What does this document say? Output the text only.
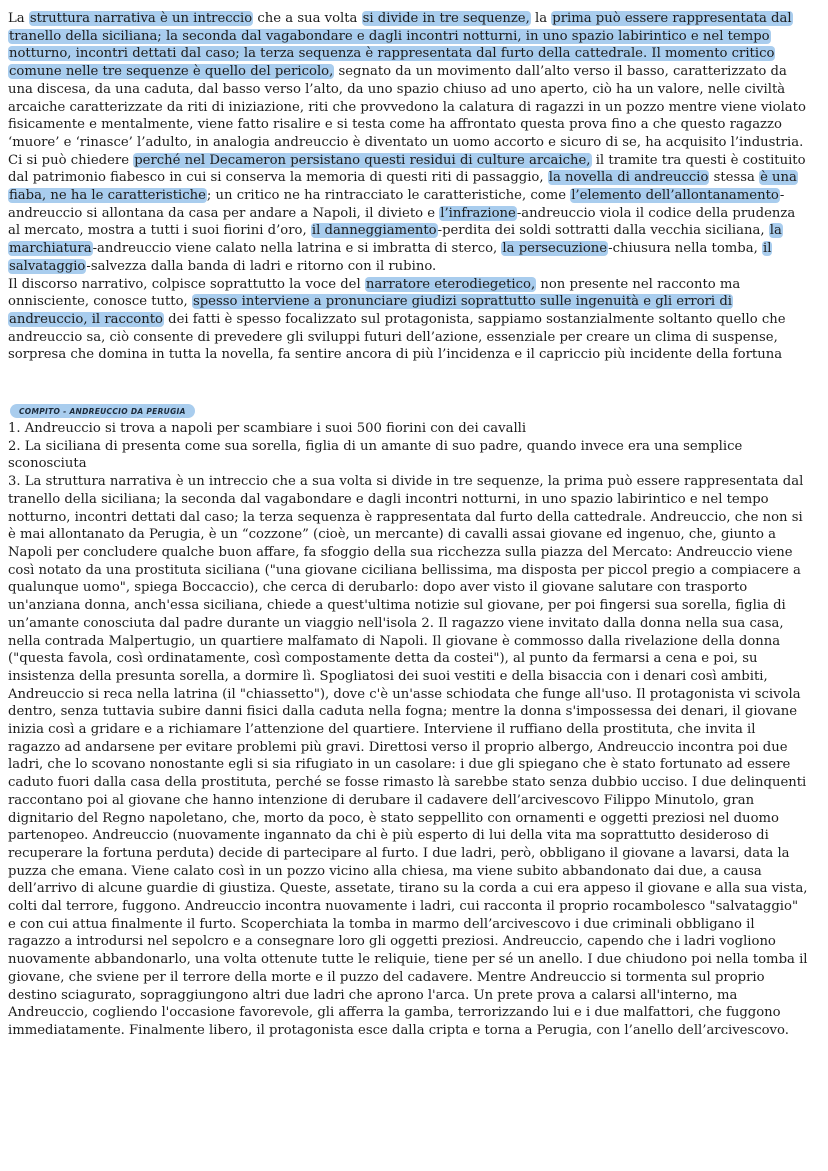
La struttura narrativa è un intreccio che a sua volta si divide in tre sequenze, la prima può essere rappresentata dal tranello della siciliana; la seconda dal vagabondare e dagli incontri notturni, in uno spazio labirintico e nel tempo notturno, incontri dettati dal caso; la terza sequenza è rappresentata dal furto della cattedrale. Il momento critico comune nelle tre sequenze è quello del pericolo, segnato da un movimento dall’alto verso il basso, caratterizzato da una discesa, da una caduta, dal basso verso l’alto, da uno spazio chiuso ad uno aperto, ciò ha un valore, nelle civiltà arcaiche caratterizzate da riti di iniziazione, riti che provvedono la calatura di ragazzi in un pozzo mentre viene violato fisicamente e mentalmente, viene fatto risalire e si testa come ha affrontato questa prova fino a che questo ragazzo ‘muore’ e ‘rinasce’ l’adulto, in analogia andreuccio è diventato un uomo accorto e sicuro di se, ha acquisito l’industria.
Ci si può chiedere perché nel Decameron persistano questi residui di culture arcaiche, il tramite tra questi è costituito dal patrimonio fiabesco in cui si conserva la memoria di questi riti di passaggio, la novella di andreuccio stessa è una fiaba, ne ha le caratteristiche; un critico ne ha rintracciato le caratteristiche, come l’elemento dell’allontanamento-andreuccio si allontana da casa per andare a Napoli, il divieto e l’infrazione-andreuccio viola il codice della prudenza al mercato, mostra a tutti i suoi fiorini d’oro, il danneggiamento-perdita dei soldi sottratti dalla vecchia siciliana, la marchiatura-andreuccio viene calato nella latrina e si imbratta di sterco, la persecuzione-chiusura nella tomba, il salvataggio-salvezza dalla banda di ladri e ritorno con il rubino.
Il discorso narrativo, colpisce soprattutto la voce del narratore eterodiegetico, non presente nel racconto ma onnisciente, conosce tutto, spesso interviene a pronunciare giudizi soprattutto sulle ingenuità e gli errori di andreuccio, il racconto dei fatti è spesso focalizzato sul protagonista, sappiamo sostanzialmente soltanto quello che andreuccio sa, ciò consente di prevedere gli sviluppi futuri dell’azione, essenziale per creare un clima di suspense, sorpresa che domina in tutta la novella, fa sentire ancora di più l’incidenza e il capriccio più incidente della fortuna

COMPITO - ANDREUCCIO DA PERUGIA

1. Andreuccio si trova a napoli per scambiare i suoi 500 fiorini con dei cavalli

2. La siciliana di presenta come sua sorella, figlia di un amante di suo padre, quando invece era una semplice sconosciuta

3. La struttura narrativa è un intreccio che a sua volta si divide in tre sequenze, la prima può essere rappresentata dal tranello della siciliana; la seconda dal vagabondare e dagli incontri notturni, in uno spazio labirintico e nel tempo notturno, incontri dettati dal caso; la terza sequenza è rappresentata dal furto della cattedrale. Andreuccio, che non si è mai allontanato da Perugia, è un “cozzone” (cioè, un mercante) di cavalli assai giovane ed ingenuo, che, giunto a Napoli per concludere qualche buon affare, fa sfoggio della sua ricchezza sulla piazza del Mercato: Andreuccio viene così notato da una prostituta siciliana ("una giovane ciciliana bellissima, ma disposta per piccol pregio a compiacere a qualunque uomo", spiega Boccaccio), che cerca di derubarlo: dopo aver visto il giovane salutare con trasporto un'anziana donna, anch'essa siciliana, chiede a quest'ultima notizie sul giovane, per poi fingersi sua sorella, figlia di un’amante conosciuta dal padre durante un viaggio nell'isola 2. Il ragazzo viene invitato dalla donna nella sua casa, nella contrada Malpertugio, un quartiere malfamato di Napoli. Il giovane è commosso dalla rivelazione della donna ("questa favola, così ordinatamente, così compostamente detta da costei"), al punto da fermarsi a cena e poi, su insistenza della presunta sorella, a dormire lì. Spogliatosi dei suoi vestiti e della bisaccia con i denari così ambiti, Andreuccio si reca nella latrina (il "chiassetto"), dove c'è un'asse schiodata che funge all'uso. Il protagonista vi scivola dentro, senza tuttavia subire danni fisici dalla caduta nella fogna; mentre la donna s'impossessa dei denari, il giovane inizia così a gridare e a richiamare l’attenzione del quartiere. Interviene il ruffiano della prostituta, che invita il ragazzo ad andarsene per evitare problemi più gravi. Direttosi verso il proprio albergo, Andreuccio incontra poi due ladri, che lo scovano nonostante egli si sia rifugiato in un casolare: i due gli spiegano che è stato fortunato ad essere caduto fuori dalla casa della prostituta, perché se fosse rimasto là sarebbe stato senza dubbio ucciso. I due delinquenti raccontano poi al giovane che hanno intenzione di derubare il cadavere dell’arcivescovo Filippo Minutolo, gran dignitario del Regno napoletano, che, morto da poco, è stato seppellito con ornamenti e oggetti preziosi nel duomo partenopeo. Andreuccio (nuovamente ingannato da chi è più esperto di lui della vita ma soprattutto desideroso di recuperare la fortuna perduta) decide di partecipare al furto. I due ladri, però, obbligano il giovane a lavarsi, data la puzza che emana. Viene calato così in un pozzo vicino alla chiesa, ma viene subito abbandonato dai due, a causa dell’arrivo di alcune guardie di giustiza. Queste, assetate, tirano su la corda a cui era appeso il giovane e alla sua vista, colti dal terrore, fuggono. Andreuccio incontra nuovamente i ladri, cui racconta il proprio rocambolesco "salvataggio" e con cui attua finalmente il furto. Scoperchiata la tomba in marmo dell’arcivescovo i due criminali obbligano il ragazzo a introdursi nel sepolcro e a consegnare loro gli oggetti preziosi. Andreuccio, capendo che i ladri vogliono nuovamente abbandonarlo, una volta ottenute tutte le reliquie, tiene per sé un anello. I due chiudono poi nella tomba il giovane, che sviene per il terrore della morte e il puzzo del cadavere. Mentre Andreuccio si tormenta sul proprio destino sciagurato, sopraggiungono altri due ladri che aprono l'arca. Un prete prova a calarsi all'interno, ma Andreuccio, cogliendo l'occasione favorevole, gli afferra la gamba, terrorizzando lui e i due malfattori, che fuggono immediatamente. Finalmente libero, il protagonista esce dalla cripta e torna a Perugia, con l’anello dell’arcivescovo.
